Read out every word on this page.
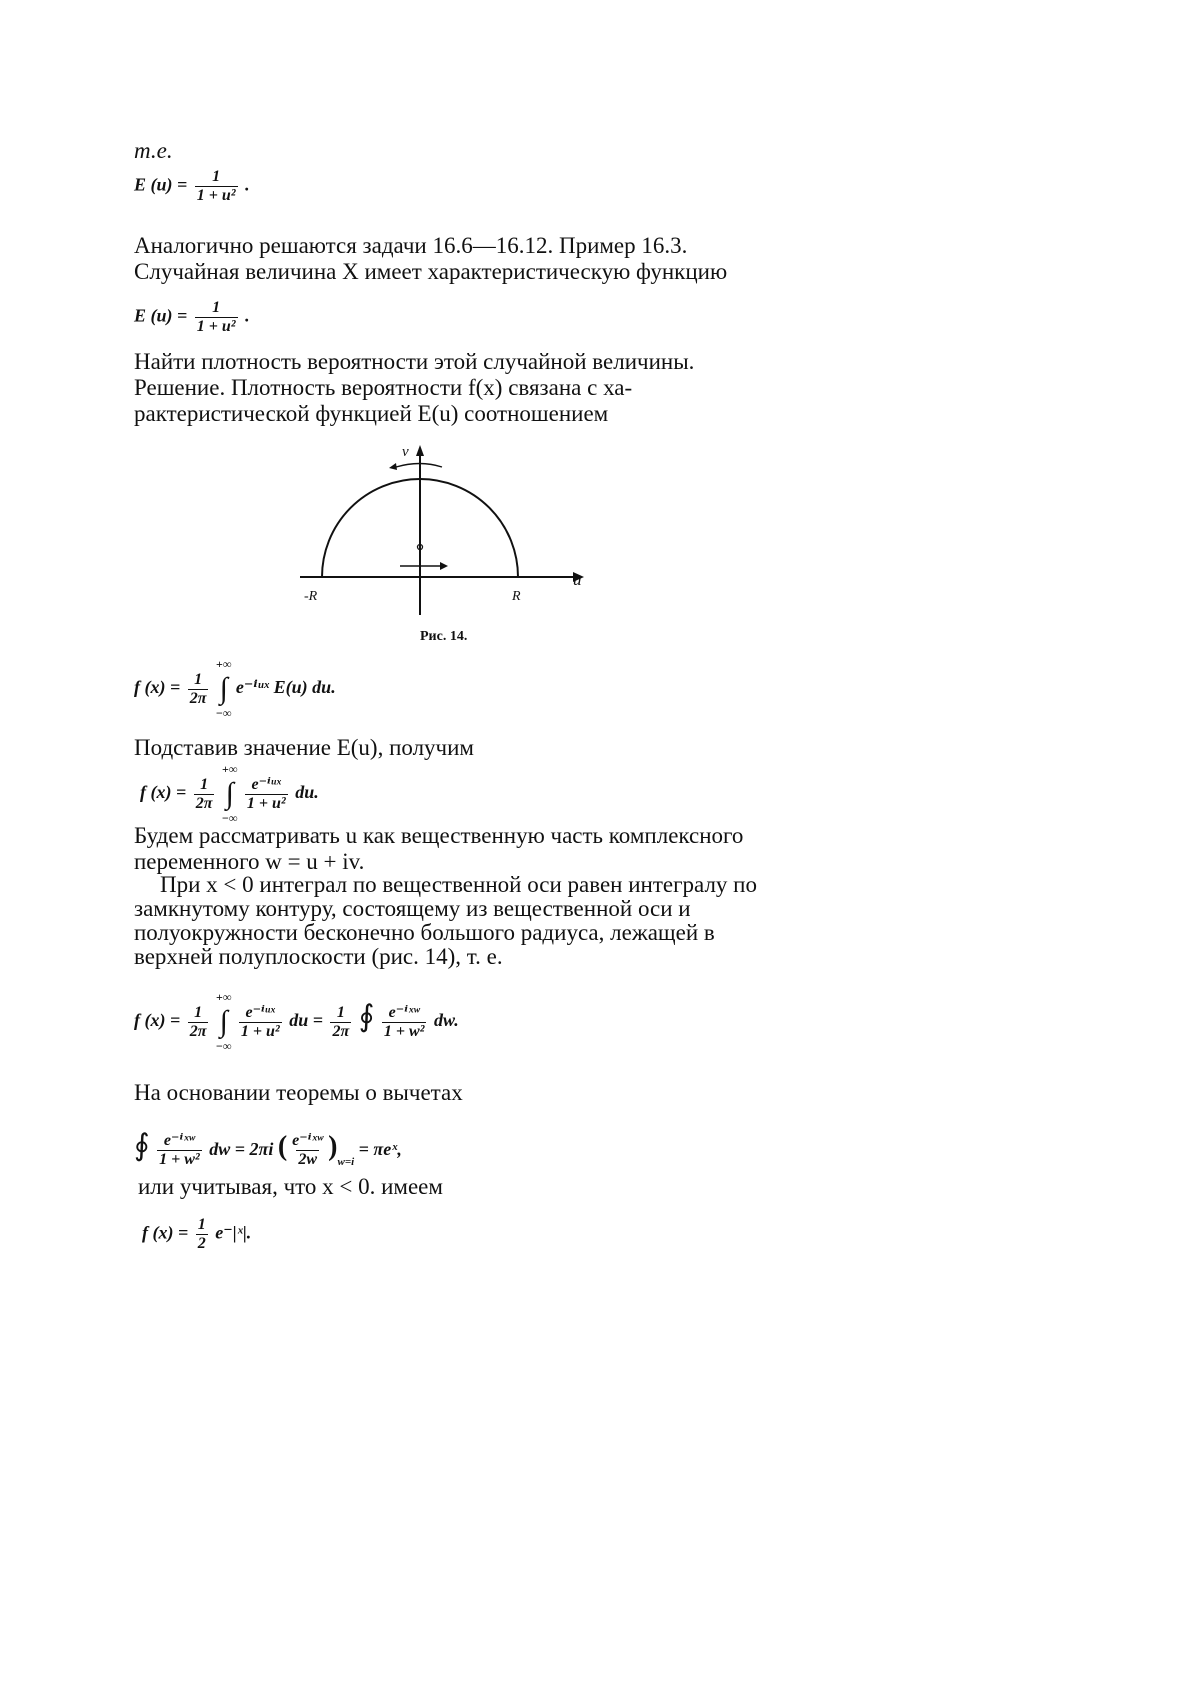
т.е.
E $(u) = \frac{1}{\text{1 + u²}}$ .
Аналогично решаются задачи 16.6—16.12. Пример 16.3.
Случайная величина X имеет характеристическую функцию
E $(u) = \frac{1}{\text{1 + u²}}$ .
Найти плотность вероятности этой случайной величины.
Решение. Плотность вероятности f(x) связана с ха-
рактеристической функцией E(u) соотношением
v
u
-R	R
Рис. 14.
f $(x) = \frac{1}{2\pi}$

+∞
∫
−∞
e⁻ⁱᵘˣ E(u) du.
Подставив значение E(u), получим
f $(x) = \frac{1}{2\pi}$

+∞
∫
−∞

$\frac{\text{e⁻ⁱᵘˣ}}{\text{1 + u²}}$ du.
Будем рассматривать u как вещественную часть комплексного
переменного w = u + iv.
При x < 0 интеграл по вещественной оси равен интегралу по
замкнутому контуру, состоящему из вещественной оси и
полуокружности бесконечно большого радиуса, лежащей в
верхней полуплоскости (рис. 14), т. е.
f $(x) = \frac{1}{2\pi}$

+∞
∫
−∞

$\frac{\text{e⁻ⁱᵘˣ}}{\text{1 + u²}}$ du = $\frac{1}{2\pi}$ ∮ $\frac{\text{e⁻ⁱˣʷ}}{\text{1 + w²}}$ dw.
На основании теоремы о вычетах
∮ $\frac{\text{e⁻ⁱˣʷ}}{\text{1 + w²}}$ dw = 2πi ( $\frac{\text{e⁻ⁱˣʷ}}{2w} )_{w=i}$ = πeˣ,
или учитывая, что x < 0. имеем
f $(x) = \frac{1}{2}$ e⁻|ˣ|.
